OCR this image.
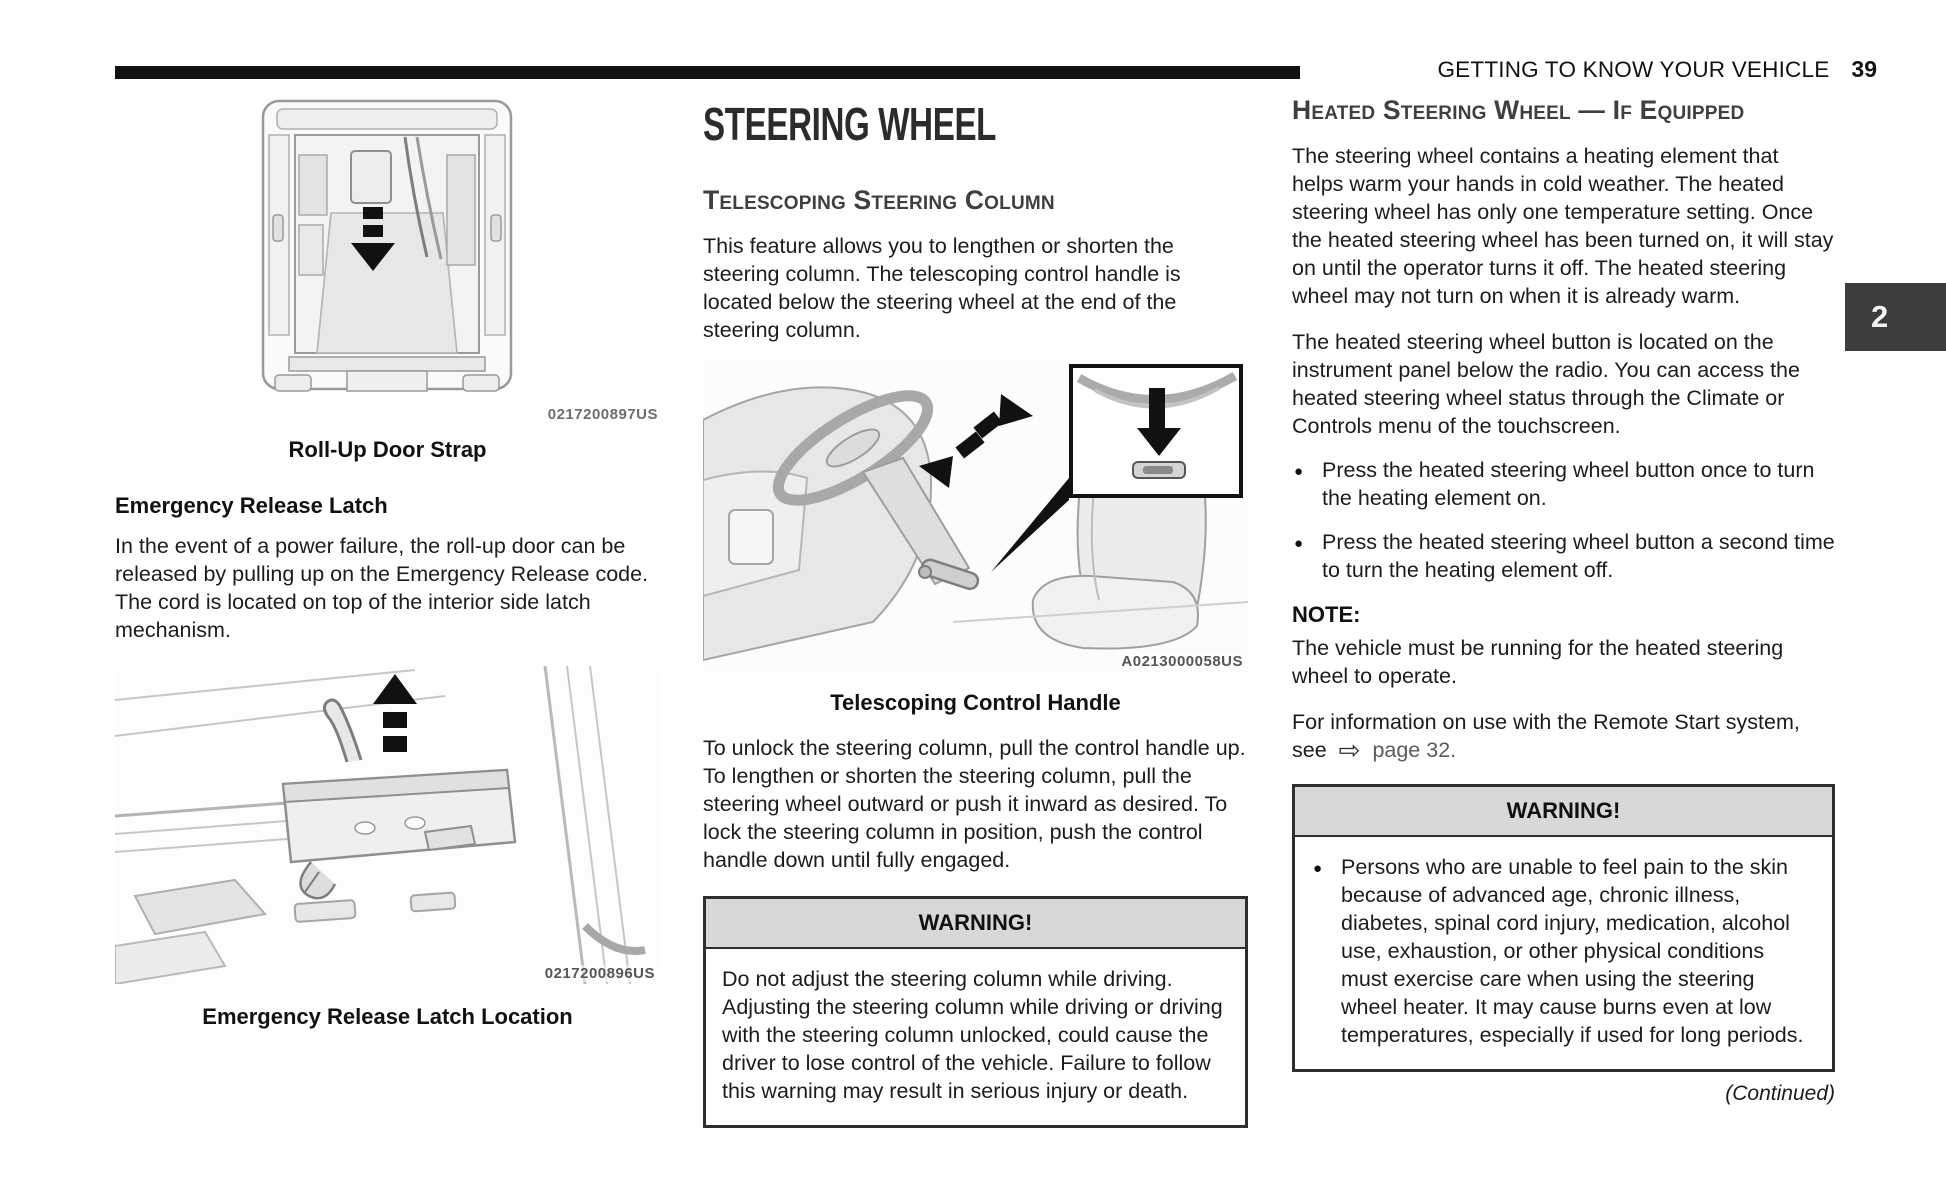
GETTING TO KNOW YOUR VEHICLE 39
2
0217200897US
Roll-Up Door Strap
Emergency Release Latch

In the event of a power failure, the roll-up door can be released by pulling up on the Emergency Release code. The cord is located on top of the interior side latch mechanism.

0217200896US
Emergency Release Latch Location
STEERING WHEEL
Telescoping Steering Column

This feature allows you to lengthen or shorten the steering column. The telescoping control handle is located below the steering wheel at the end of the steering column.

A0213000058US
Telescoping Control Handle

To unlock the steering column, pull the control handle up. To lengthen or shorten the steering column, pull the steering wheel outward or push it inward as desired. To lock the steering column in position, push the control handle down until fully engaged.

WARNING!
Do not adjust the steering column while driving. Adjusting the steering column while driving or driving with the steering column unlocked, could cause the driver to lose control of the vehicle. Failure to follow this warning may result in serious injury or death.
Heated Steering Wheel — If Equipped

The steering wheel contains a heating element that helps warm your hands in cold weather. The heated steering wheel has only one temperature setting. Once the heated steering wheel has been turned on, it will stay on until the operator turns it off. The heated steering wheel may not turn on when it is already warm.

The heated steering wheel button is located on the instrument panel below the radio. You can access the heated steering wheel status through the Climate or Controls menu of the touchscreen.

● Press the heated steering wheel button once to turn the heating element on.
● Press the heated steering wheel button a second time to turn the heating element off.
NOTE:

The vehicle must be running for the heated steering wheel to operate.

For information on use with the Remote Start system, see ⇨ page 32.

WARNING!
● Persons who are unable to feel pain to the skin because of advanced age, chronic illness, diabetes, spinal cord injury, medication, alcohol use, exhaustion, or other physical conditions must exercise care when using the steering wheel heater. It may cause burns even at low temperatures, especially if used for long periods.
(Continued)
